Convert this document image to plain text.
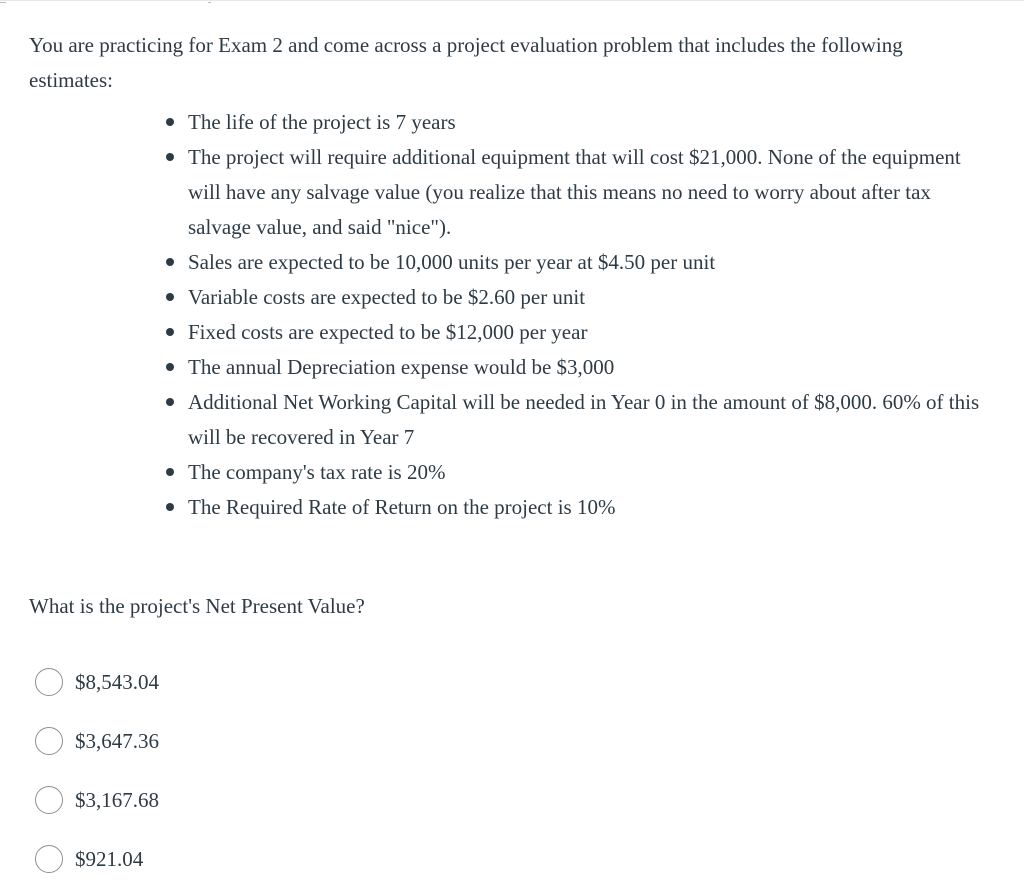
You are practicing for Exam 2 and come across a project evaluation problem that includes the following estimates:

The life of the project is 7 years
The project will require additional equipment that will cost $21,000. None of the equipment will have any salvage value (you realize that this means no need to worry about after tax salvage value, and said "nice").
Sales are expected to be 10,000 units per year at $4.50 per unit
Variable costs are expected to be $2.60 per unit
Fixed costs are expected to be $12,000 per year
The annual Depreciation expense would be $3,000
Additional Net Working Capital will be needed in Year 0 in the amount of $8,000. 60% of this will be recovered in Year 7
The company's tax rate is 20%
The Required Rate of Return on the project is 10%

What is the project's Net Present Value?

$8,543.04
$3,647.36
$3,167.68
$921.04
